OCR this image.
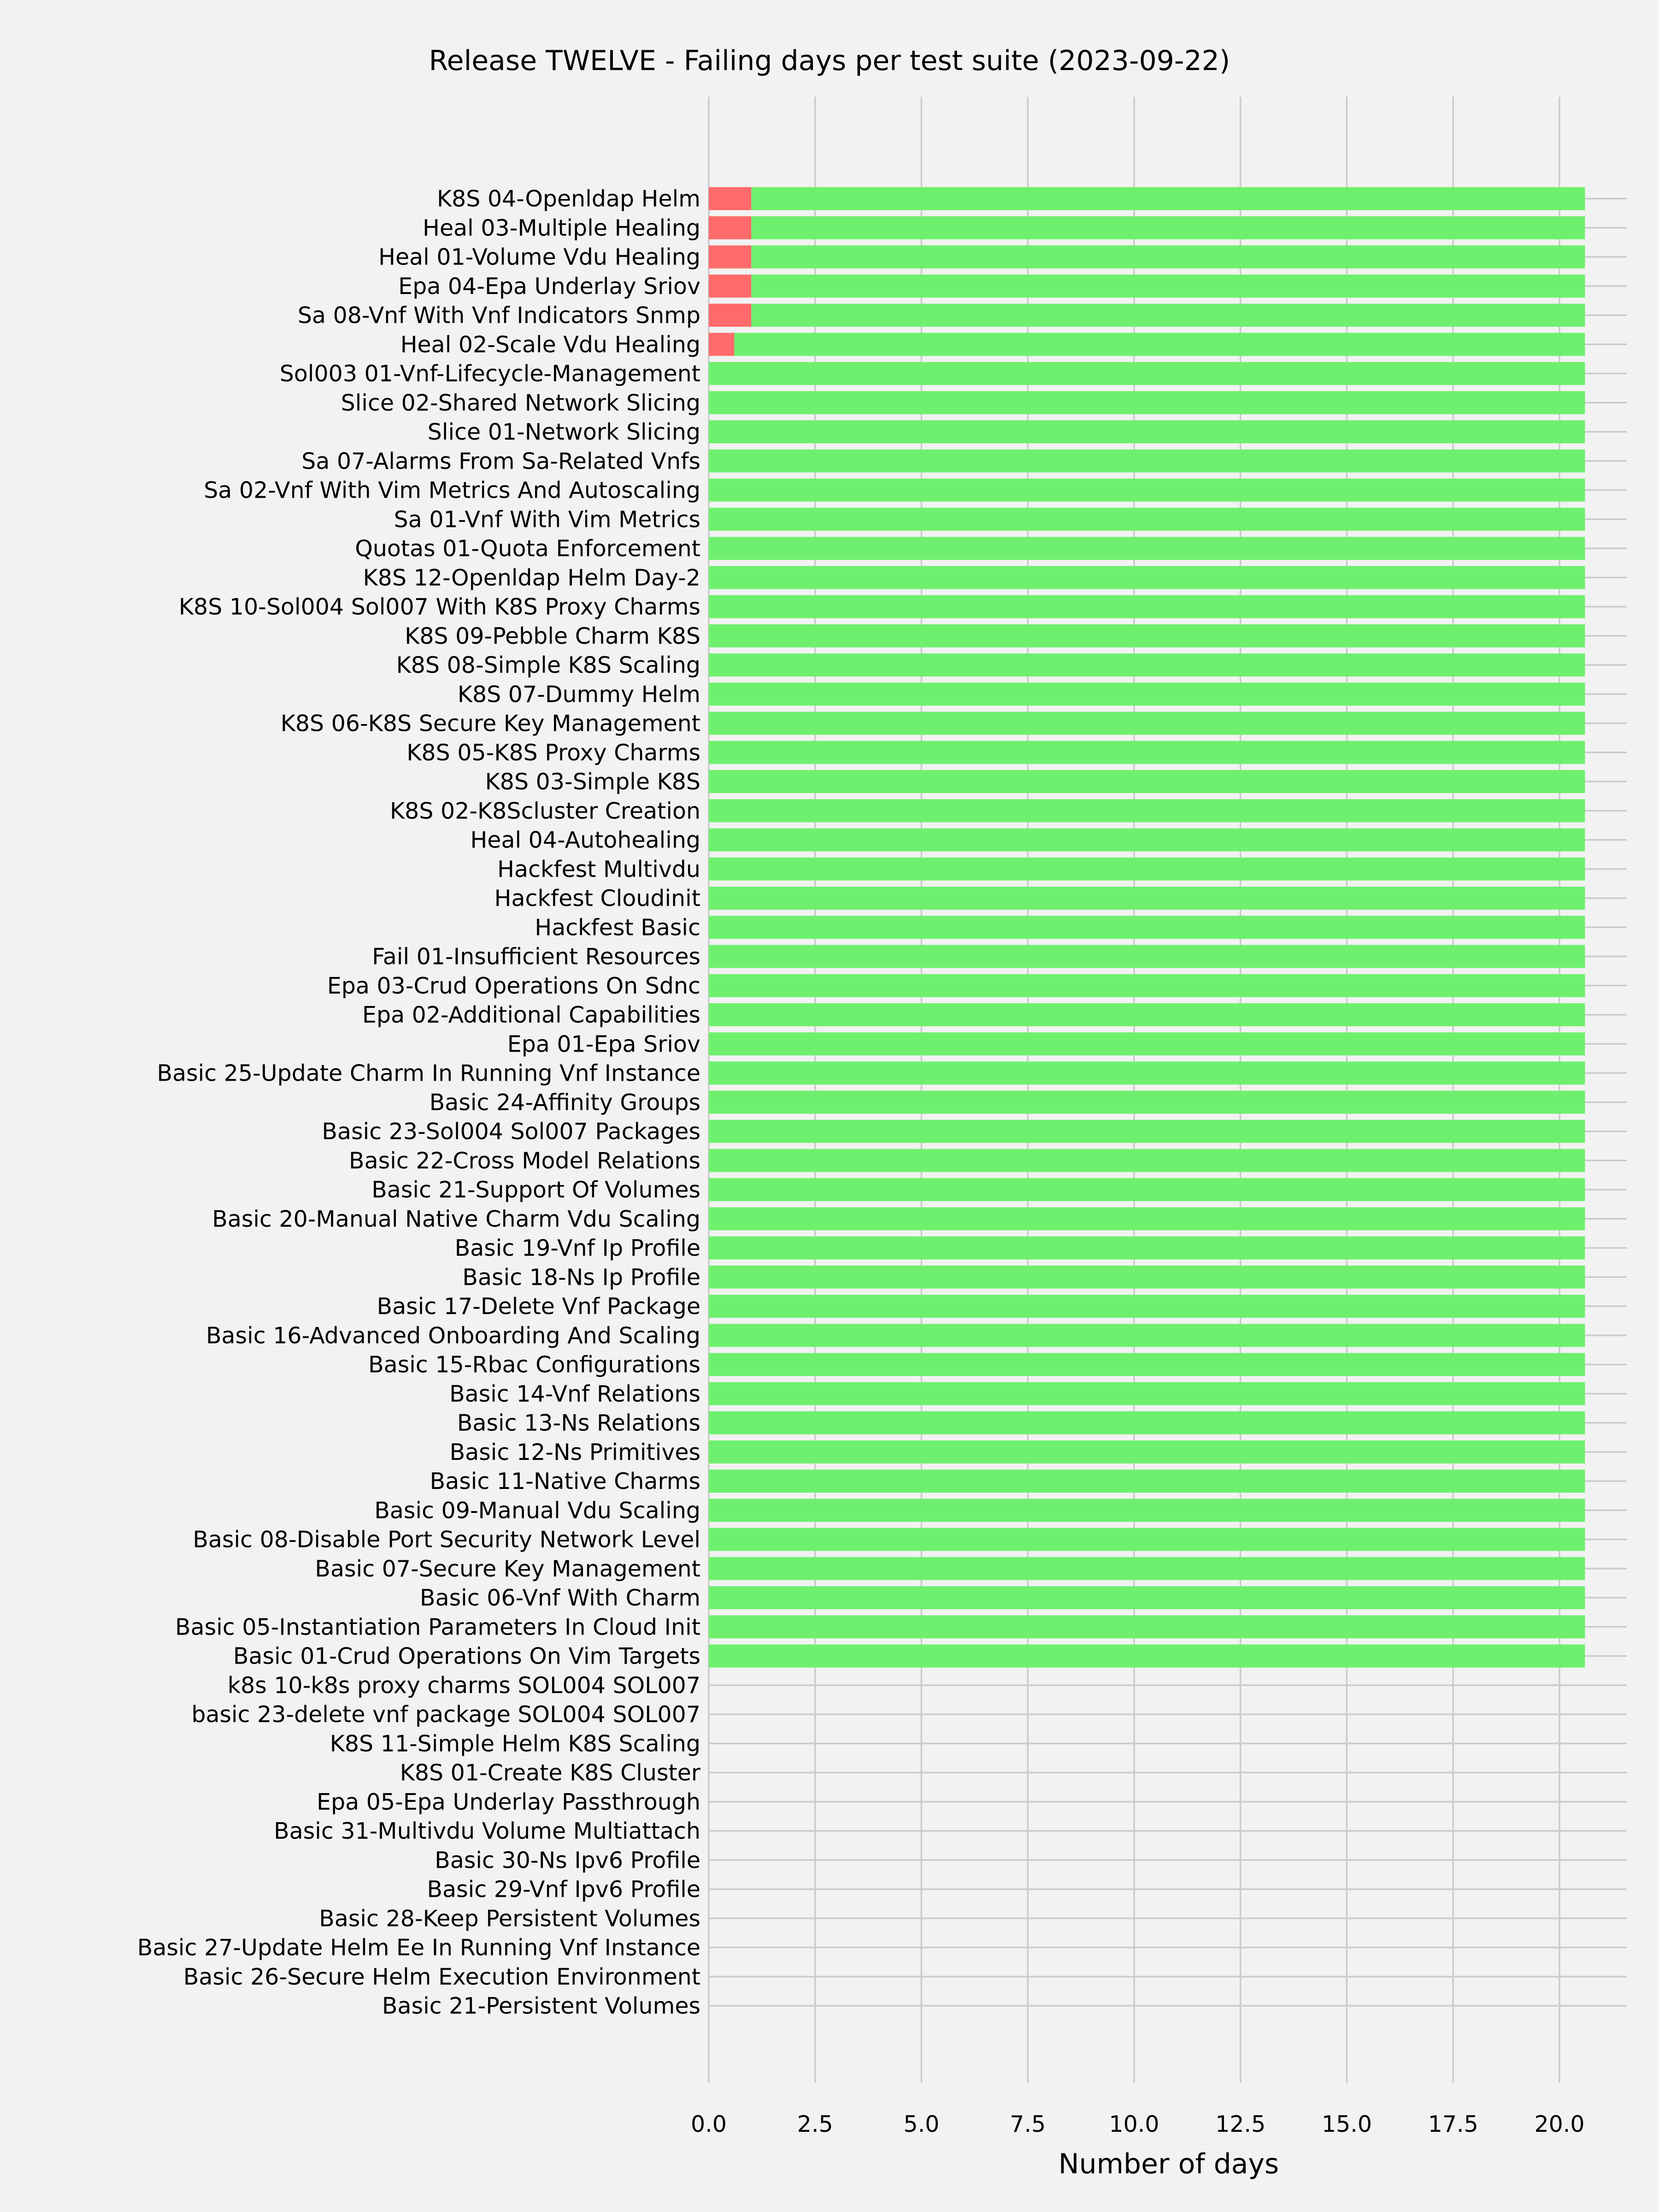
Release TWELVE - Failing days per test suite (2023-09-22)
K8S 04-Openldap Helm
Heal 03-Multiple Healing
Heal 01-Volume Vdu Healing
Epa 04-Epa Underlay Sriov
Sa 08-Vnf With Vnf Indicators Snmp
Heal 02-Scale Vdu Healing
Sol003 01-Vnf-Lifecycle-Management
Slice 02-Shared Network Slicing
Slice 01-Network Slicing
Sa 07-Alarms From Sa-Related Vnfs
Sa 02-Vnf With Vim Metrics And Autoscaling
Sa 01-Vnf With Vim Metrics
Quotas 01-Quota Enforcement
K8S 12-Openldap Helm Day-2
K8S 10-Sol004 Sol007 With K8S Proxy Charms
K8S 09-Pebble Charm K8S
K8S 08-Simple K8S Scaling
K8S 07-Dummy Helm
K8S 06-K8S Secure Key Management
K8S 05-K8S Proxy Charms
K8S 03-Simple K8S
K8S 02-K8Scluster Creation
Heal 04-Autohealing
Hackfest Multivdu
Hackfest Cloudinit
Hackfest Basic
Fail 01-Insufficient Resources
Epa 03-Crud Operations On Sdnc
Epa 02-Additional Capabilities
Epa 01-Epa Sriov
Basic 25-Update Charm In Running Vnf Instance
Basic 24-Affinity Groups
Basic 23-Sol004 Sol007 Packages
Basic 22-Cross Model Relations
Basic 21-Support Of Volumes
Basic 20-Manual Native Charm Vdu Scaling
Basic 19-Vnf Ip Profile
Basic 18-Ns Ip Profile
Basic 17-Delete Vnf Package
Basic 16-Advanced Onboarding And Scaling
Basic 15-Rbac Configurations
Basic 14-Vnf Relations
Basic 13-Ns Relations
Basic 12-Ns Primitives
Basic 11-Native Charms
Basic 09-Manual Vdu Scaling
Basic 08-Disable Port Security Network Level
Basic 07-Secure Key Management
Basic 06-Vnf With Charm
Basic 05-Instantiation Parameters In Cloud Init
Basic 01-Crud Operations On Vim Targets
k8s 10-k8s proxy charms SOL004 SOL007
basic 23-delete vnf package SOL004 SOL007
K8S 11-Simple Helm K8S Scaling
K8S 01-Create K8S Cluster
Epa 05-Epa Underlay Passthrough
Basic 31-Multivdu Volume Multiattach
Basic 30-Ns Ipv6 Profile
Basic 29-Vnf Ipv6 Profile
Basic 28-Keep Persistent Volumes
Basic 27-Update Helm Ee In Running Vnf Instance
Basic 26-Secure Helm Execution Environment
Basic 21-Persistent Volumes
0.0	2.5	5.0	7.5	10.0 12.5 15.0 17.5 20.0
Number of days
